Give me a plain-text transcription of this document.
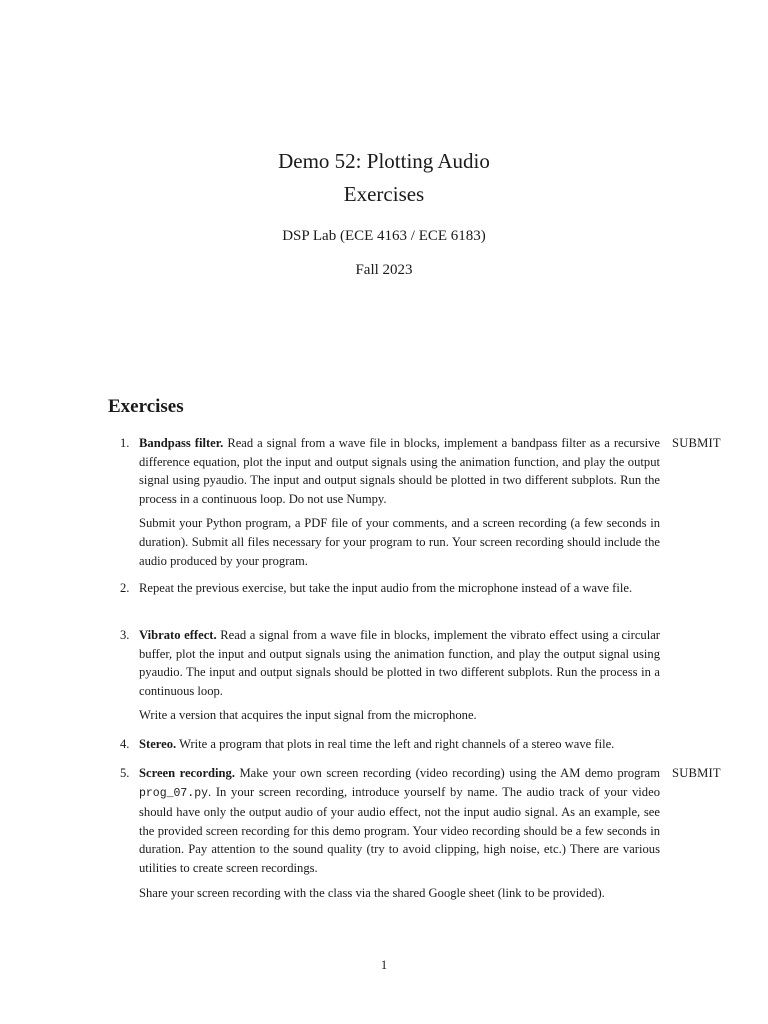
Demo 52: Plotting Audio
Exercises
DSP Lab (ECE 4163 / ECE 6183)
Fall 2023
Exercises
1. Bandpass filter. Read a signal from a wave file in blocks, implement a bandpass filter as a recursive difference equation, plot the input and output signals using the animation function, and play the output signal using pyaudio. The input and output signals should be plotted in two different subplots. Run the process in a continuous loop. Do not use Numpy.

Submit your Python program, a PDF file of your comments, and a screen recording (a few seconds in duration). Submit all files necessary for your program to run. Your screen recording should include the audio produced by your program.

SUBMIT
2. Repeat the previous exercise, but take the input audio from the microphone instead of a wave file.

3. Vibrato effect. Read a signal from a wave file in blocks, implement the vibrato effect using a circular buffer, plot the input and output signals using the animation function, and play the output signal using pyaudio. The input and output signals should be plotted in two different subplots. Run the process in a continuous loop.

Write a version that acquires the input signal from the microphone.

4. Stereo. Write a program that plots in real time the left and right channels of a stereo wave file.

5. Screen recording. Make your own screen recording (video recording) using the AM demo program prog_07.py. In your screen recording, introduce yourself by name. The audio track of your video should have only the output audio of your audio effect, not the input audio signal. As an example, see the provided screen recording for this demo program. Your video recording should be a few seconds in duration. Pay attention to the sound quality (try to avoid clipping, high noise, etc.) There are various utilities to create screen recordings.

Share your screen recording with the class via the shared Google sheet (link to be provided).

SUBMIT
1
